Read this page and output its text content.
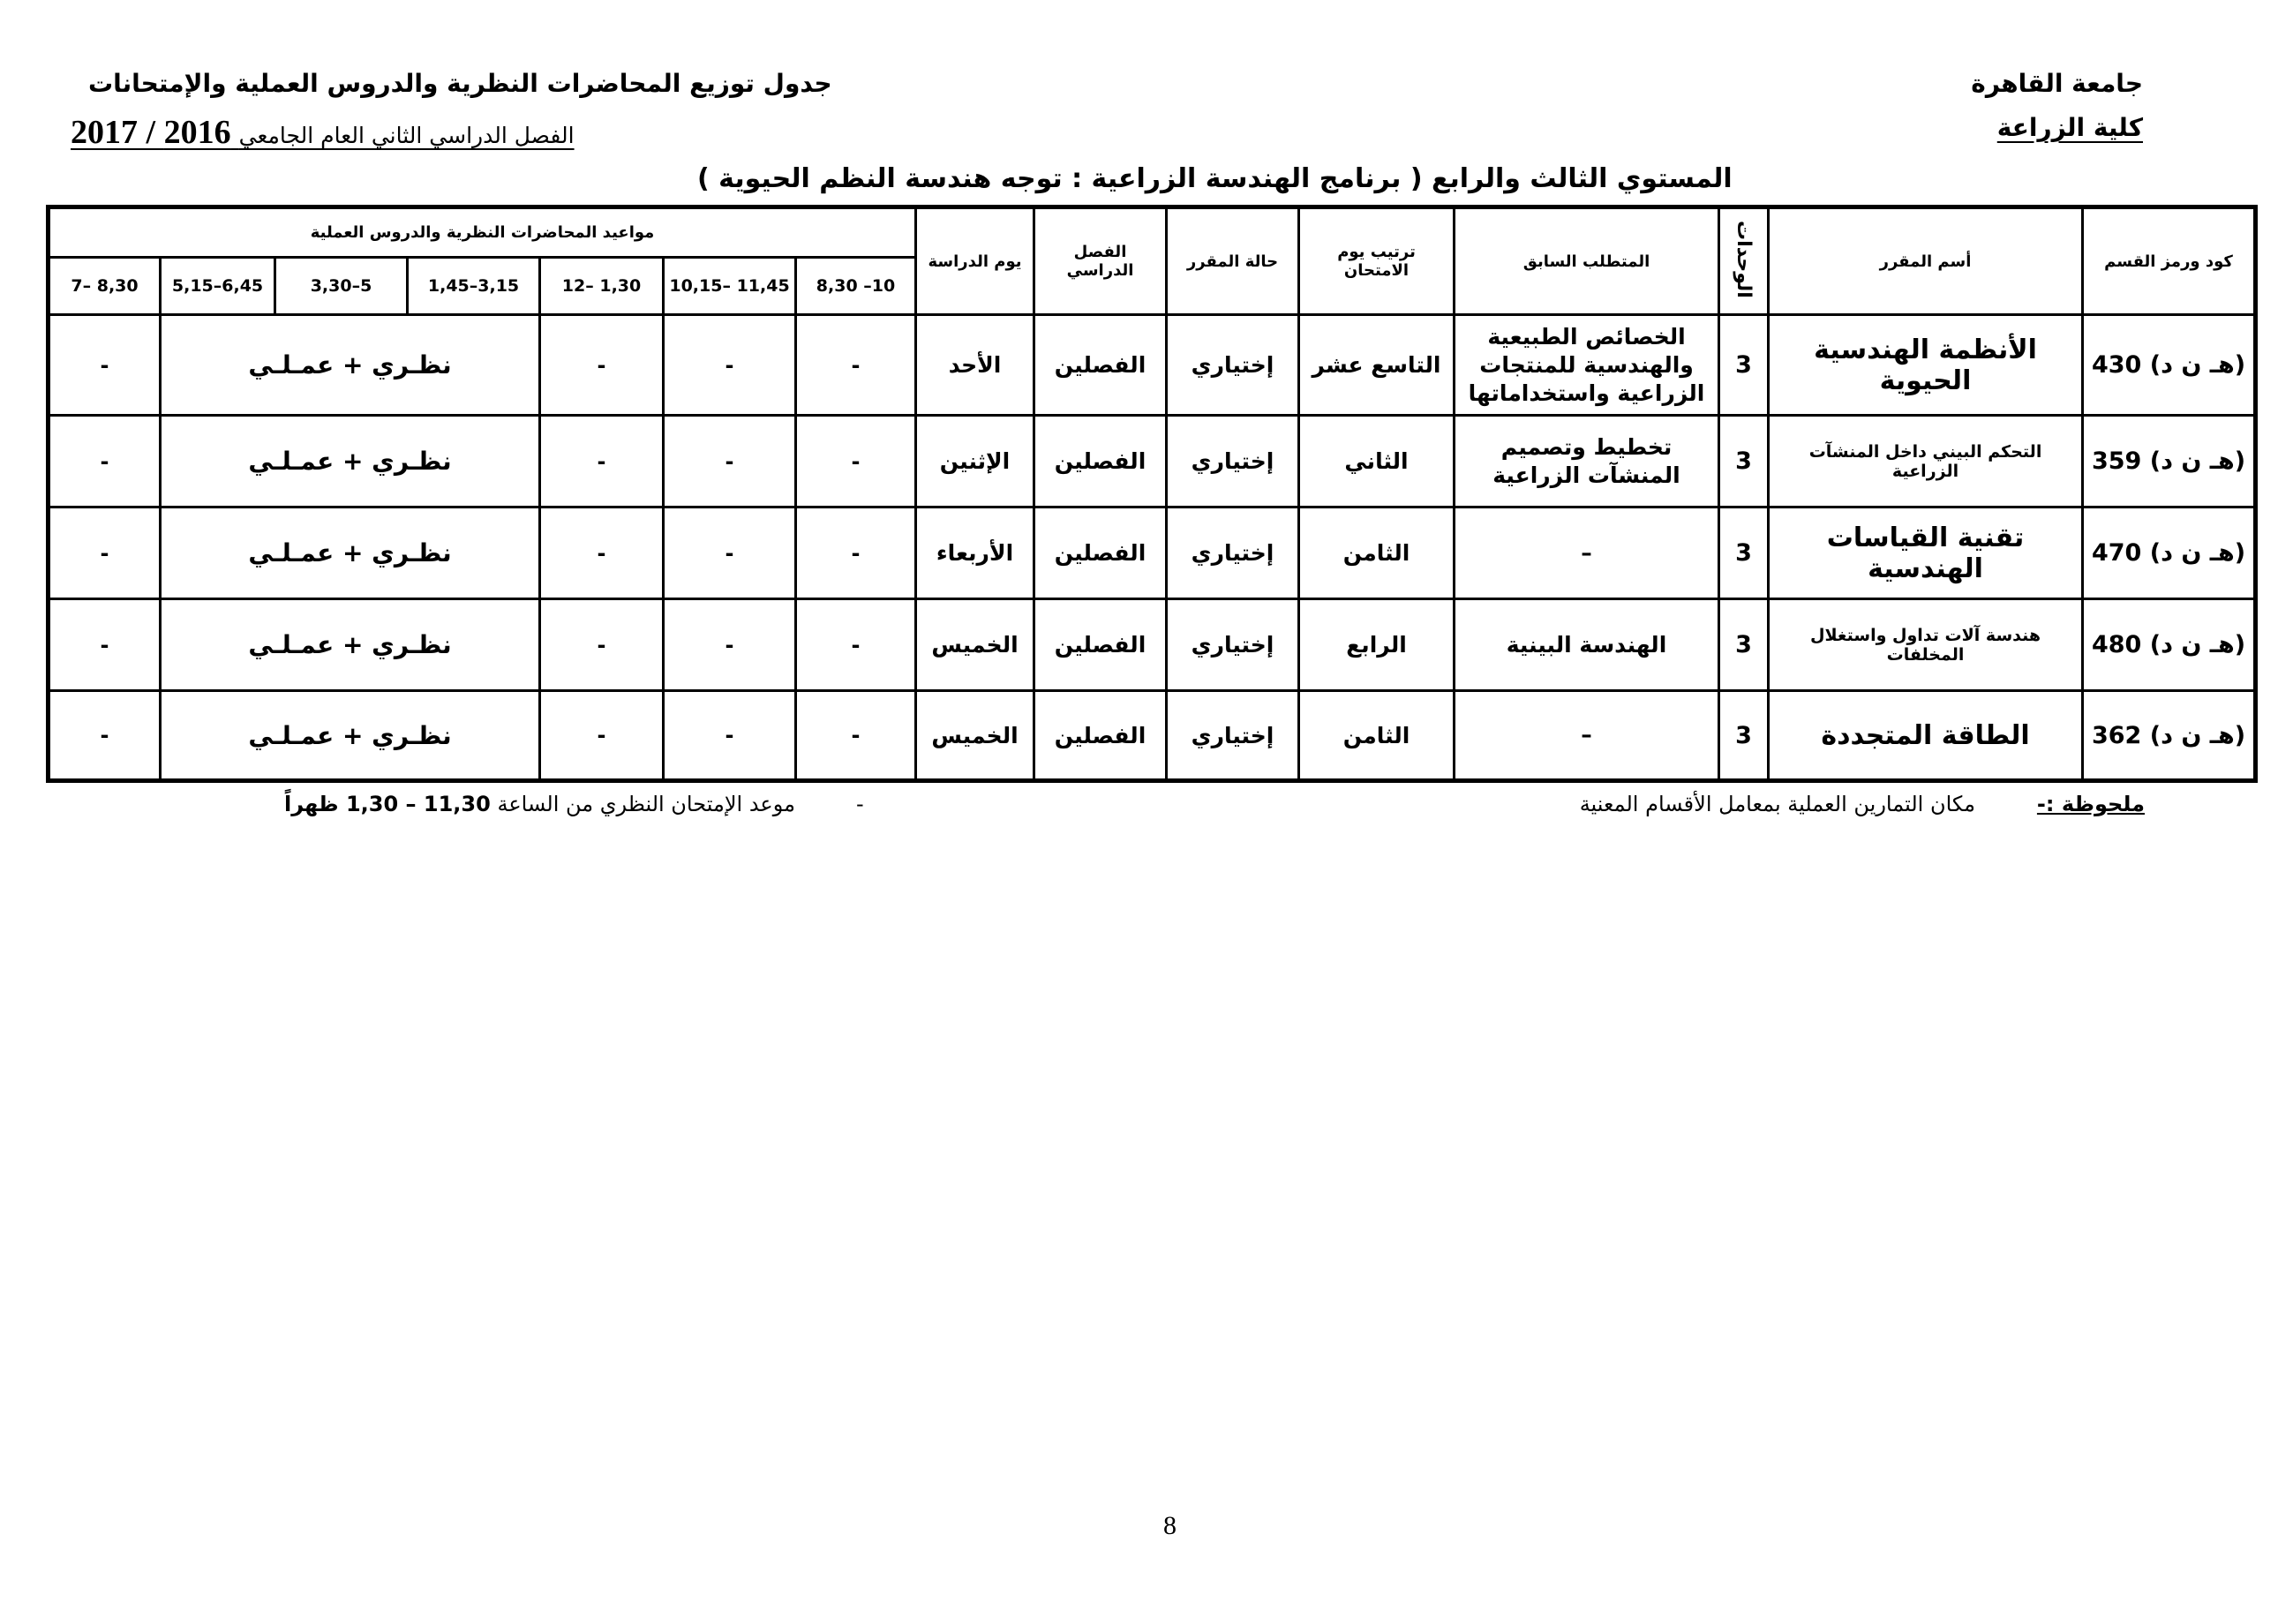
جامعة القاهرة
كلية الزراعة
جدول توزيع المحاضرات النظرية والدروس العملية والإمتحانات
الفصل الدراسي الثاني العام الجامعي 2016 / 2017
المستوي الثالث والرابع ( برنامج الهندسة الزراعية : توجه هندسة النظم الحيوية )
كود ورمز القسم	أسم المقرر	الوحدات	المتطلب السابق	ترتيب يوم الامتحان	حالة المقرر	الفصل الدراسي	يوم الدراسة	مواعيد المحاضرات النظرية والدروس العملية						
								8,30 –10	10,15– 11,45	12– 1,30	1,45–3,15	3,30–5	5,15–6,45	7– 8,30
(هـ ن د) 430	الأنظمة الهندسية الحيوية	3	الخصائص الطبيعية والهندسية للمنتجات الزراعية واستخداماتها	التاسع عشر	إختياري	الفصلين	الأحد	-	-	-	نظـري + عمـلـي			-
(هـ ن د) 359	التحكم البيني داخل المنشآت الزراعية	3	تخطيط وتصميم المنشآت الزراعية	الثاني	إختياري	الفصلين	الإثنين	-	-	-	نظـري + عمـلـي			-
(هـ ن د) 470	تقنية القياسات الهندسية	3	–	الثامن	إختياري	الفصلين	الأربعاء	-	-	-	نظـري + عمـلـي			-
(هـ ن د) 480	هندسة آلات تداول واستغلال المخلفات	3	الهندسة البينية	الرابع	إختياري	الفصلين	الخميس	-	-	-	نظـري + عمـلـي			-
(هـ ن د) 362	الطاقة المتجددة	3	–	الثامن	إختياري	الفصلين	الخميس	-	-	-	نظـري + عمـلـي			-
ملحوظة :-
مكان التمارين العملية بمعامل الأقسام المعنية
-
موعد الإمتحان النظري من الساعة 11,30 – 1,30 ظهراً
8
